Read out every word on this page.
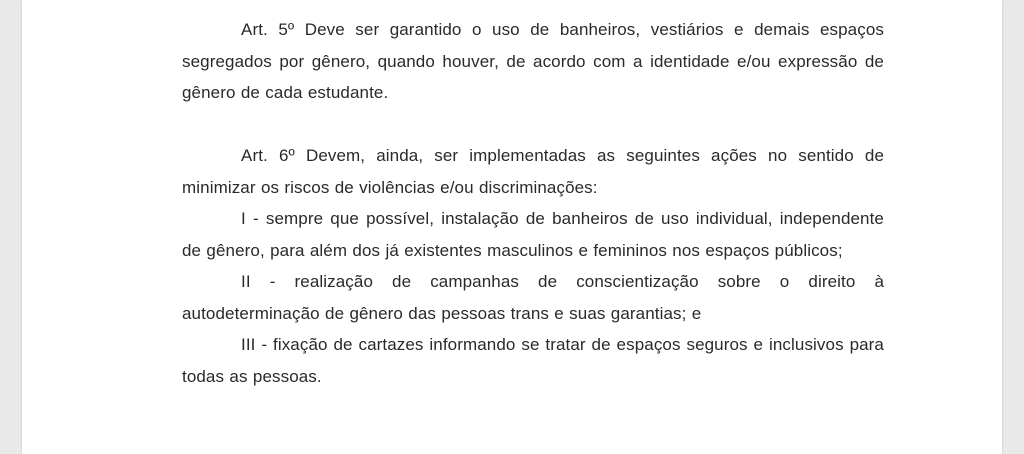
Art. 5º Deve ser garantido o uso de banheiros, vestiários e demais espaços segregados por gênero, quando houver, de acordo com a identidade e/ou expressão de gênero de cada estudante.

Art. 6º Devem, ainda, ser implementadas as seguintes ações no sentido de minimizar os riscos de violências e/ou discriminações:

I - sempre que possível, instalação de banheiros de uso individual, independente de gênero, para além dos já existentes masculinos e femininos nos espaços públicos;

II - realização de campanhas de conscientização sobre o direito à autodeterminação de gênero das pessoas trans e suas garantias; e

III - fixação de cartazes informando se tratar de espaços seguros e inclusivos para todas as pessoas.
